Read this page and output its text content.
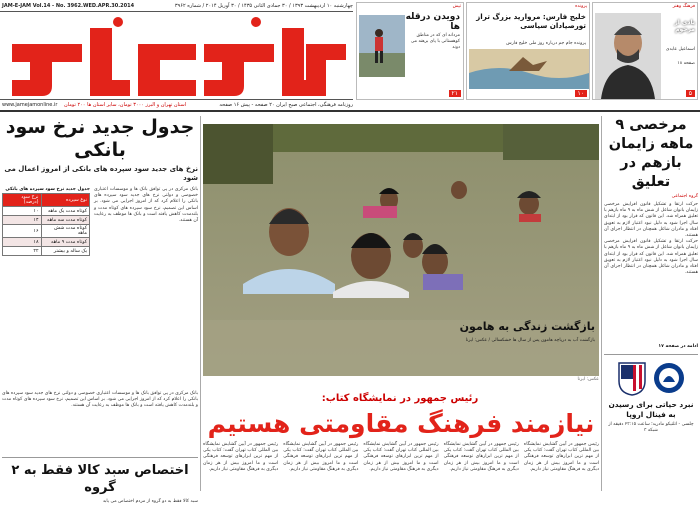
چهارشنبه ۱۰ اردیبهشت ۱۳۹۳ / ۳۰ جمادی الثانی ۱۴۳۵ / ۳۰ آوریل ۲۰۱۴ / شماره ۳۹۶۲
JAM-E-JAM Vol.14 - No. 3962.WED.APR.30.2014
www.jamejamonline.ir	استان تهران و البرز ۳۰۰۰ تومان، سایر استان ها ۲۰۰ تومان	روزنامه فرهنگی، اجتماعی صبح ایران ۲۰ صفحه - پیش ۱۶ صفحه
تپش
دویدن درقله ها
مردانه ای که در مناطق کوهستانی با پای برهنه می دوند
۲۱
پرونده
خلیج فارس: مروارید بزرگ تراز تورصیادان سیاسی
پرونده جام جم درباره روز ملی خلیج فارس
۱۰
فرهنگ وهنر
یادی از مرحوم
اسماعیل عابدی
صفحه ۱۸
۵
جدول جدید نرخ سود بانکی
نرخ های جدید سود سپرده های بانکی از امروز اعمال می شود
جدول جدید نرخ سود سپرده های بانکی
نوع سپرده	نرخ سود (درصد)
کوتاه مدت یک ماهه	۱۰
کوتاه مدت سه ماهه	۱۴
کوتاه مدت شش ماهه	۱۶
کوتاه مدت ۹ ماهه	۱۸
یک ساله و بیشتر	۲۲

بانک مرکزی در پی توافق بانک ها و موسسات اعتباری خصوصی و دولتی نرخ های جدید سود سپرده های بانکی را اعلام کرد که از امروز اجرایی می شود. بر اساس این تصمیم، نرخ سود سپرده های کوتاه مدت و بلندمدت کاهش یافته است و بانک ها موظف به رعایت آن هستند.

بانک مرکزی در پی توافق بانک ها و موسسات اعتباری خصوصی و دولتی نرخ های جدید سود سپرده های بانکی را اعلام کرد که از امروز اجرایی می شود. بر اساس این تصمیم، نرخ سود سپرده های کوتاه مدت و بلندمدت کاهش یافته است و بانک ها موظف به رعایت آن هستند.

اختصاص سبد کالا فقط به ۲ گروه
سبد کالا فقط به دو گروه از مردم اختصاص می یابد
بازگشت زندگی به هامون
بازگشت آب به دریاچه هامون پس از سال ها خشکسالی / عکس: ایرنا
عکس: ایرنا
رئیس جمهور در نمایشگاه کتاب:
نیازمند فرهنگ مقاومتی هستیم

رئیس جمهور در آیین گشایش نمایشگاه بین المللی کتاب تهران گفت: کتاب یکی از مهم ترین ابزارهای توسعه فرهنگی است و ما امروز بیش از هر زمان دیگری به فرهنگ مقاومتی نیاز داریم.

رئیس جمهور در آیین گشایش نمایشگاه بین المللی کتاب تهران گفت: کتاب یکی از مهم ترین ابزارهای توسعه فرهنگی است و ما امروز بیش از هر زمان دیگری به فرهنگ مقاومتی نیاز داریم.

رئیس جمهور در آیین گشایش نمایشگاه بین المللی کتاب تهران گفت: کتاب یکی از مهم ترین ابزارهای توسعه فرهنگی است و ما امروز بیش از هر زمان دیگری به فرهنگ مقاومتی نیاز داریم.

رئیس جمهور در آیین گشایش نمایشگاه بین المللی کتاب تهران گفت: کتاب یکی از مهم ترین ابزارهای توسعه فرهنگی است و ما امروز بیش از هر زمان دیگری به فرهنگ مقاومتی نیاز داریم.

رئیس جمهور در آیین گشایش نمایشگاه بین المللی کتاب تهران گفت: کتاب یکی از مهم ترین ابزارهای توسعه فرهنگی است و ما امروز بیش از هر زمان دیگری به فرهنگ مقاومتی نیاز داریم.

مرخصی ۹ ماهه زایمان بازهم در تعلیق
گروه اجتماعی

حرکت ارتقا و تشکیل قانون افزایش مرخصی زایمان بانوان شاغل از شش ماه به ۹ ماه بازهم با تعلیق همراه شد. این قانون که قرار بود از ابتدای سال اجرا شود به دلیل نبود اعتبار لازم به تعویق افتاد و مادران شاغل همچنان در انتظار اجرای آن هستند.

حرکت ارتقا و تشکیل قانون افزایش مرخصی زایمان بانوان شاغل از شش ماه به ۹ ماه بازهم با تعلیق همراه شد. این قانون که قرار بود از ابتدای سال اجرا شود به دلیل نبود اعتبار لازم به تعویق افتاد و مادران شاغل همچنان در انتظار اجرای آن هستند.

ادامه در صفحه ۱۷
نبرد حیاتی برای رسیدن به فینال اروپا
چلسی - اتلتیکو مادرید؛ ساعت ۲۳:۱۵ دقیقه از شبکه ۳
